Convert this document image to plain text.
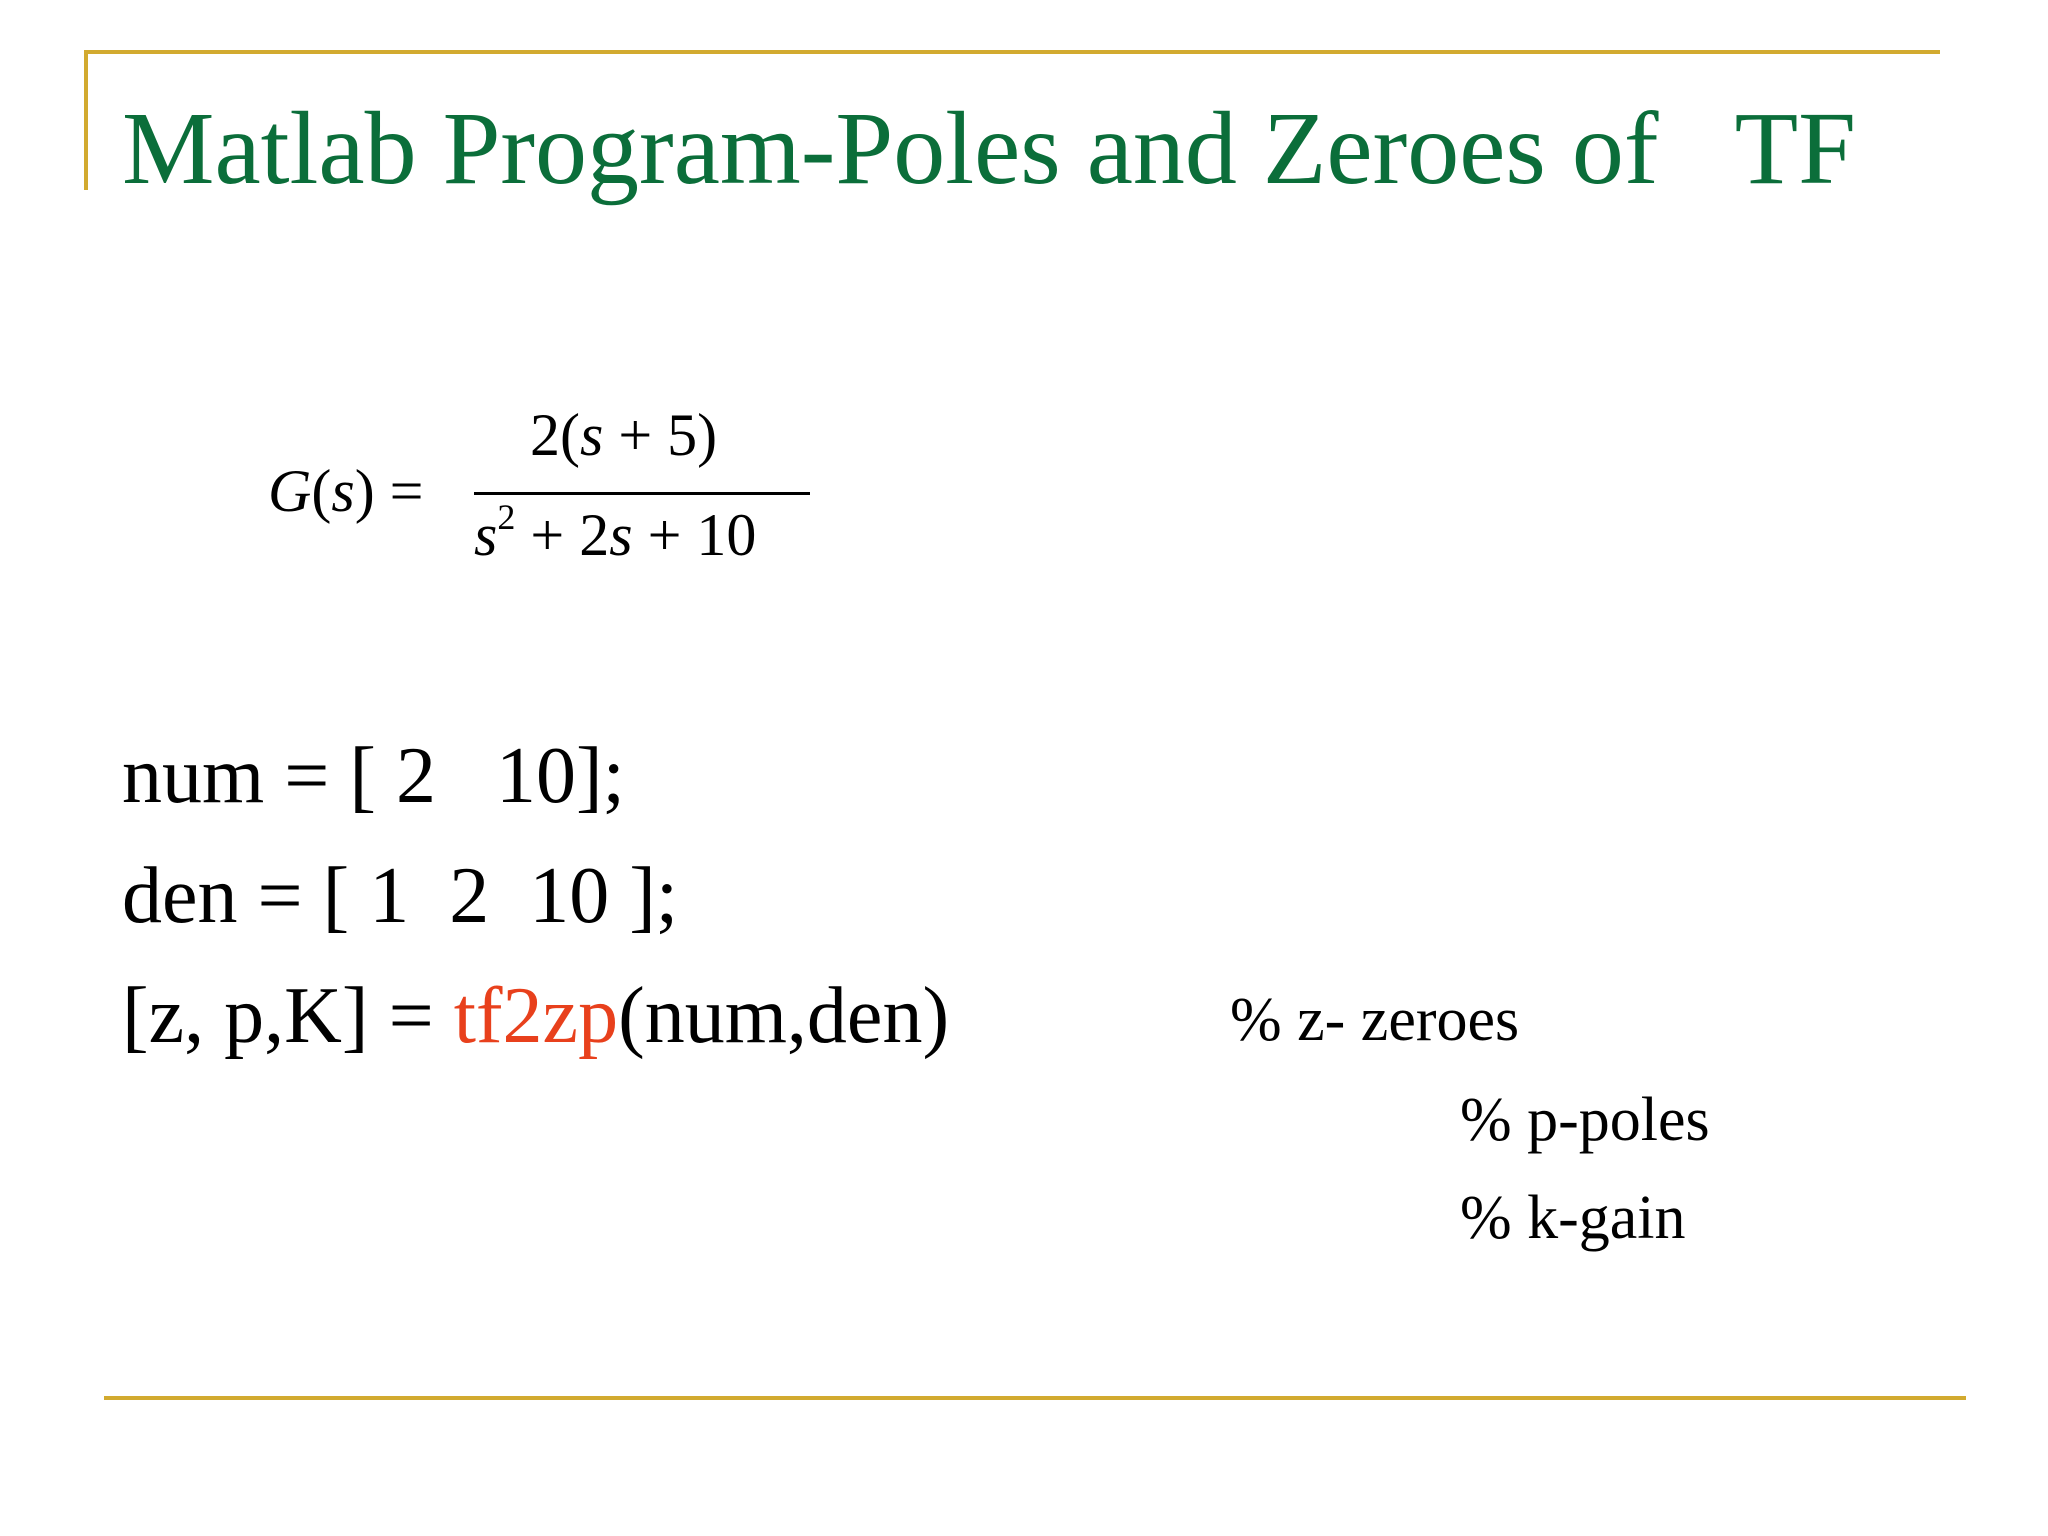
Matlab Program-Poles and Zeroes of   TF
G(s) =
2(s + 5)
$s^2 + 2s + 10$
num = [ 2   10];
den = [ 1  2  10 ];
[z, p,K] = tf2zp(num,den)	% z- zeroes
% p-poles
% k-gain
